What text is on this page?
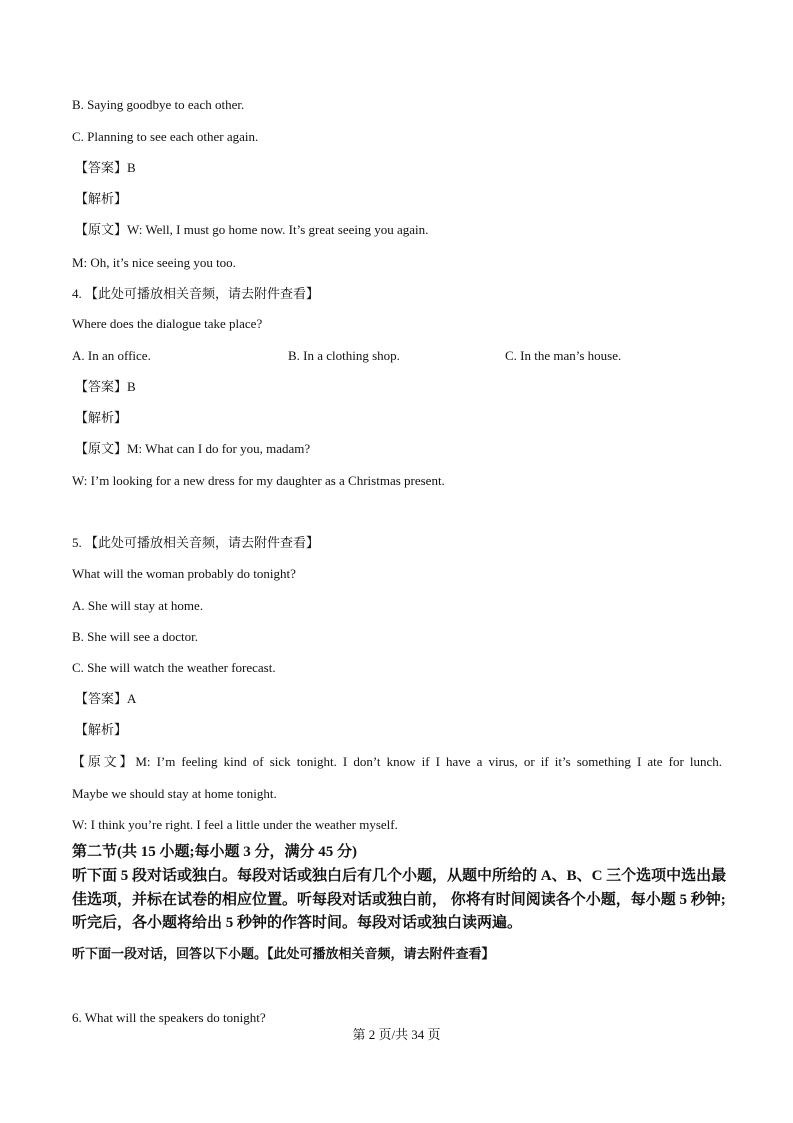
B. Saying goodbye to each other.
C. Planning to see each other again.
【答案】B
【解析】
【原文】W: Well, I must go home now. It’s great seeing you again.
M: Oh, it’s nice seeing you too.
4. 【此处可播放相关音频，请去附件查看】
Where does the dialogue take place?
A. In an office.	B. In a clothing shop.	C. In the man’s house.
【答案】B
【解析】
【原文】M: What can I do for you, madam?
W: I’m looking for a new dress for my daughter as a Christmas present.
5. 【此处可播放相关音频，请去附件查看】
What will the woman probably do tonight?
A. She will stay at home.
B. She will see a doctor.
C. She will watch the weather forecast.
【答案】A
【解析】
【原文】M: I’m feeling kind of sick tonight. I don’t know if I have a virus, or if it’s something I ate for lunch.
Maybe we should stay at home tonight.
W: I think you’re right. I feel a little under the weather myself.
第二节(共 15 小题;每小题 3 分，满分 45 分)
听下面 5 段对话或独白。每段对话或独白后有几个小题，从题中所给的 A、B、C 三个选项中选出最佳选项，并标在试卷的相应位置。听每段对话或独白前， 你将有时间阅读各个小题，每小题 5 秒钟;听完后，各小题将给出 5 秒钟的作答时间。每段对话或独白读两遍。
听下面一段对话，回答以下小题。【此处可播放相关音频，请去附件查看】
6. What will the speakers do tonight?
第 2 页/共 34 页
